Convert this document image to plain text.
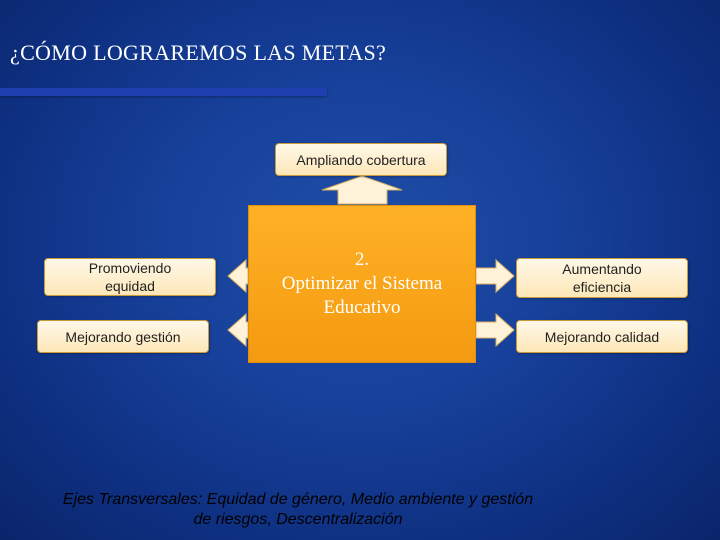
¿CÓMO LOGRAREMOS LAS METAS?
2.
Optimizar el Sistema
Educativo
Ampliando cobertura
Promoviendo equidad
Mejorando gestión
Aumentando eficiencia
Mejorando calidad
Ejes Transversales: Equidad de género, Medio ambiente y gestión
de riesgos, Descentralización
